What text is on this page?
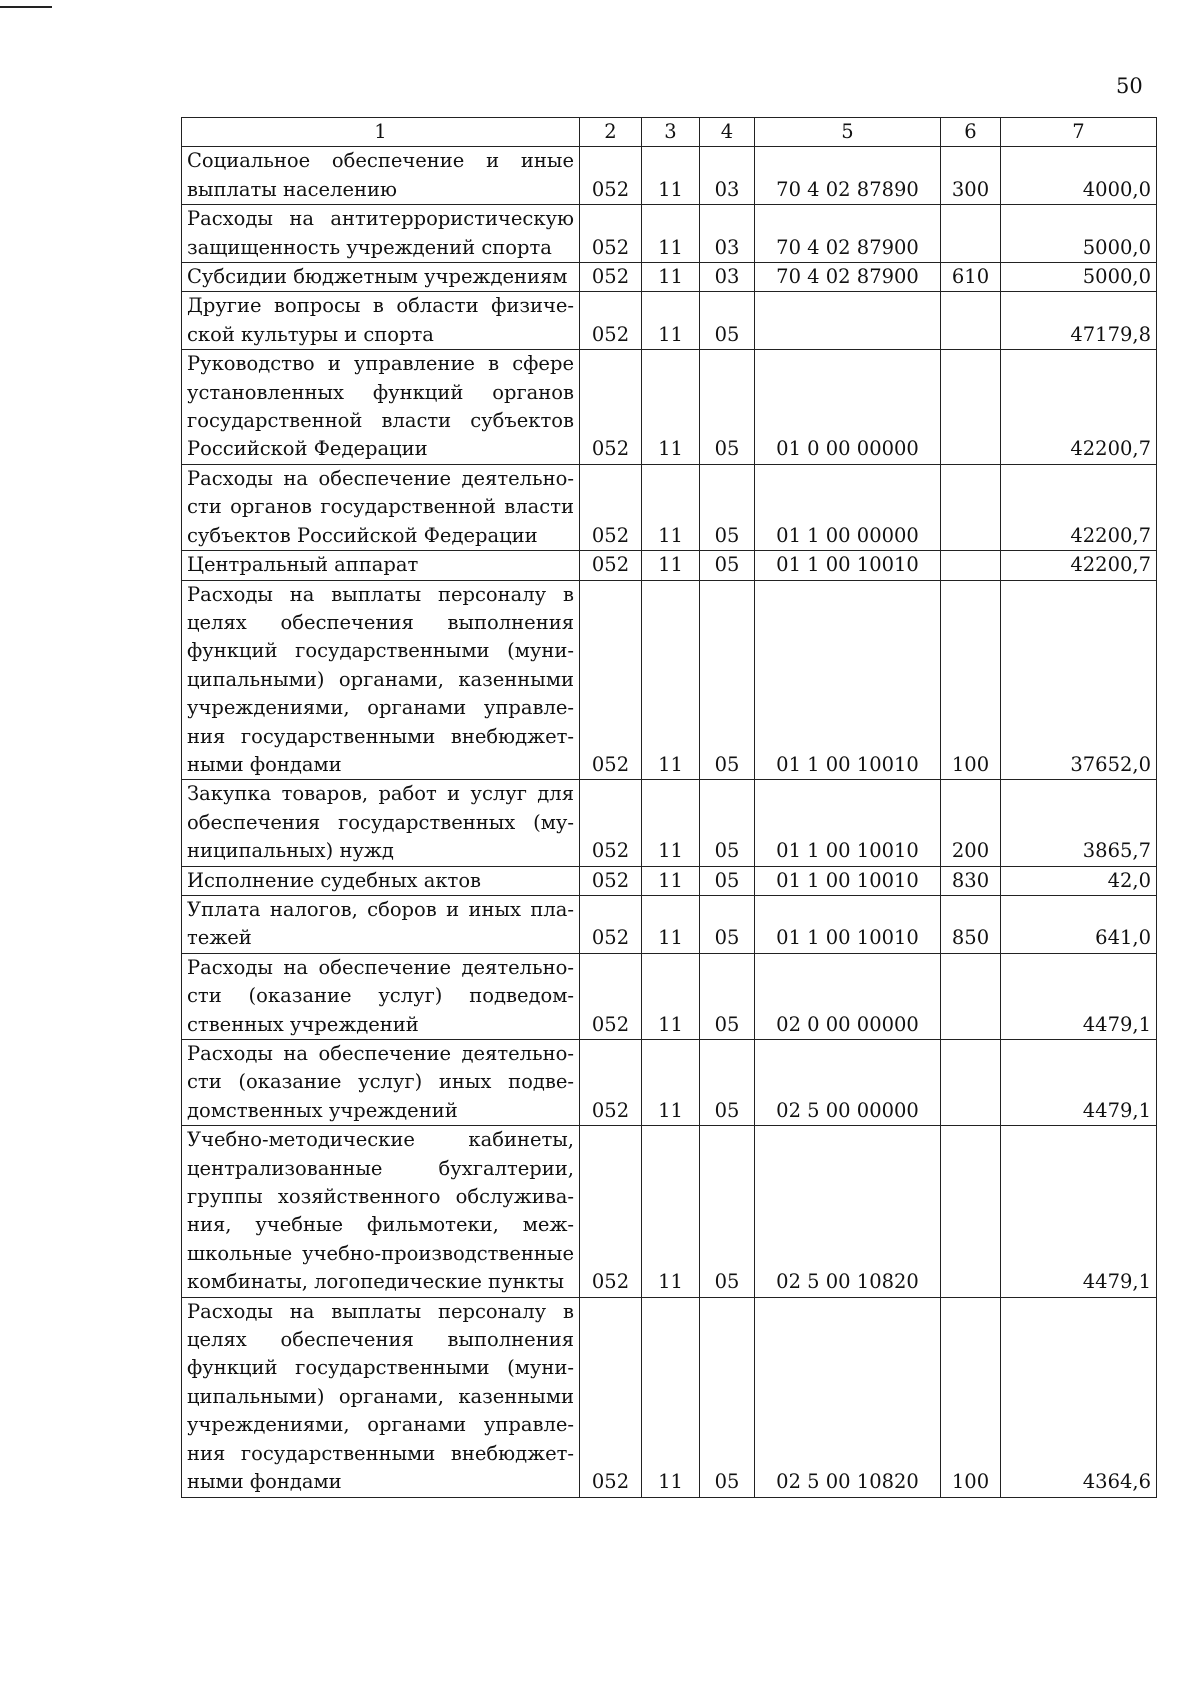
50
1	2	3	4	5	6	7
Социальное обеспечение и иные выплаты населению	052	11	03	70 4 02 87890	300	4000,0
Расходы на антитеррористическую защищенность учреждений спорта	052	11	03	70 4 02 87900		5000,0
Субсидии бюджетным учреждениям	052	11	03	70 4 02 87900	610	5000,0
Другие вопросы в области физической культуры и спорта	052	11	05			47179,8
Руководство и управление в сфере установленных функций органов государственной власти субъектов Российской Федерации	052	11	05	01 0 00 00000		42200,7
Расходы на обеспечение деятельности органов государственной власти субъектов Российской Федерации	052	11	05	01 1 00 00000		42200,7
Центральный аппарат	052	11	05	01 1 00 10010		42200,7
Расходы на выплаты персоналу в целях обеспечения выполнения функций государственными (муниципальными) органами, казенными учреждениями, органами управления государственными внебюджетными фондами	052	11	05	01 1 00 10010	100	37652,0
Закупка товаров, работ и услуг для обеспечения государственных (муниципальных) нужд	052	11	05	01 1 00 10010	200	3865,7
Исполнение судебных актов	052	11	05	01 1 00 10010	830	42,0
Уплата налогов, сборов и иных платежей	052	11	05	01 1 00 10010	850	641,0
Расходы на обеспечение деятельности (оказание услуг) подведомственных учреждений	052	11	05	02 0 00 00000		4479,1
Расходы на обеспечение деятельности (оказание услуг) иных подведомственных учреждений	052	11	05	02 5 00 00000		4479,1
Учебно-методические кабинеты, централизованные бухгалтерии, группы хозяйственного обслуживания, учебные фильмотеки, межшкольные учебно-производственные комбинаты, логопедические пункты	052	11	05	02 5 00 10820		4479,1
Расходы на выплаты персоналу в целях обеспечения выполнения функций государственными (муниципальными) органами, казенными учреждениями, органами управления государственными внебюджетными фондами	052	11	05	02 5 00 10820	100	4364,6
